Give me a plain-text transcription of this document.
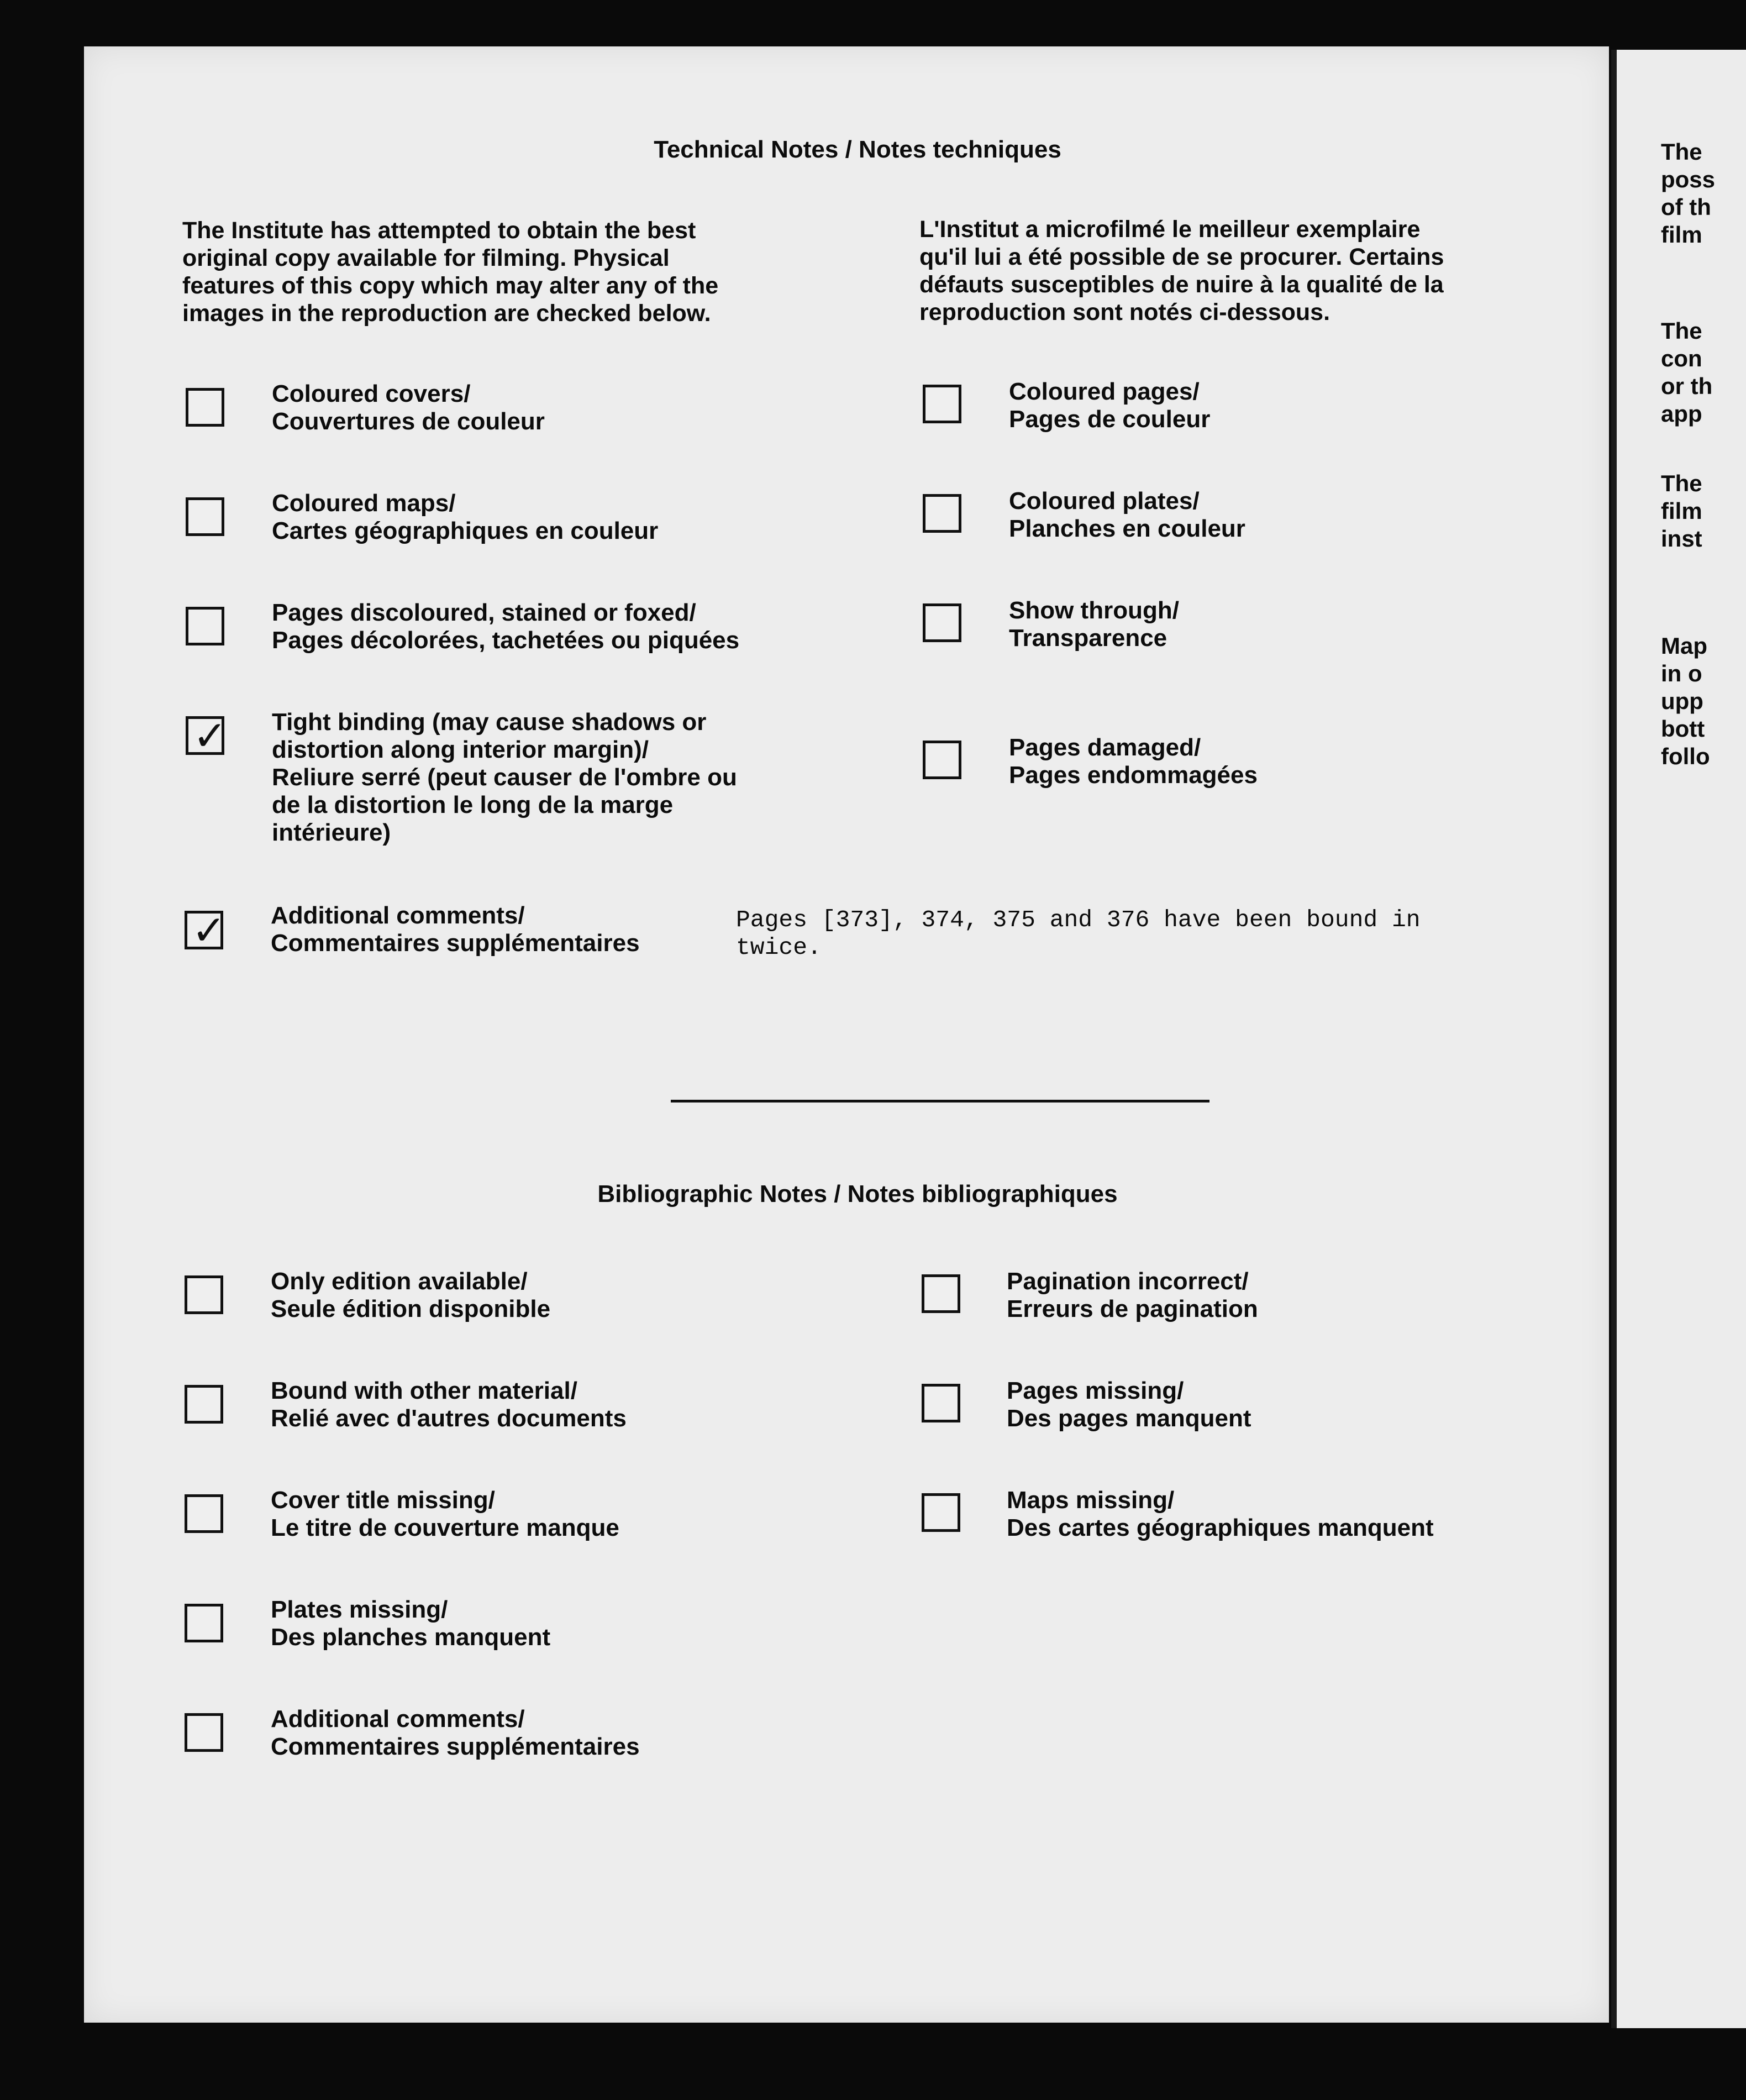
Technical Notes / Notes techniques
The Institute has attempted to obtain the best
original copy available for filming. Physical
features of this copy which may alter any of the
images in the reproduction are checked below.
L'Institut a microfilmé le meilleur exemplaire
qu'il lui a été possible de se procurer. Certains
défauts susceptibles de nuire à la qualité de la
reproduction sont notés ci-dessous.
Coloured covers/
Couvertures de couleur
Coloured maps/
Cartes géographiques en couleur
Pages discoloured, stained or foxed/
Pages décolorées, tachetées ou piquées
✓ Tight binding (may cause shadows or
distortion along interior margin)/
Reliure serré (peut causer de l'ombre ou
de la distortion le long de la marge
intérieure)
✓ Additional comments/
Commentaires supplémentaires
Pages [373], 374, 375 and 376 have been bound in
twice.
Coloured pages/
Pages de couleur
Coloured plates/
Planches en couleur
Show through/
Transparence
Pages damaged/
Pages endommagées
Bibliographic Notes / Notes bibliographiques
Only edition available/
Seule édition disponible
Bound with other material/
Relié avec d'autres documents
Cover title missing/
Le titre de couverture manque
Plates missing/
Des planches manquent
Additional comments/
Commentaires supplémentaires
Pagination incorrect/
Erreurs de pagination
Pages missing/
Des pages manquent
Maps missing/
Des cartes géographiques manquent
The
poss
of th
film
The
con
or th
app
The
film
inst
Map
in o
upp
bott
follo
